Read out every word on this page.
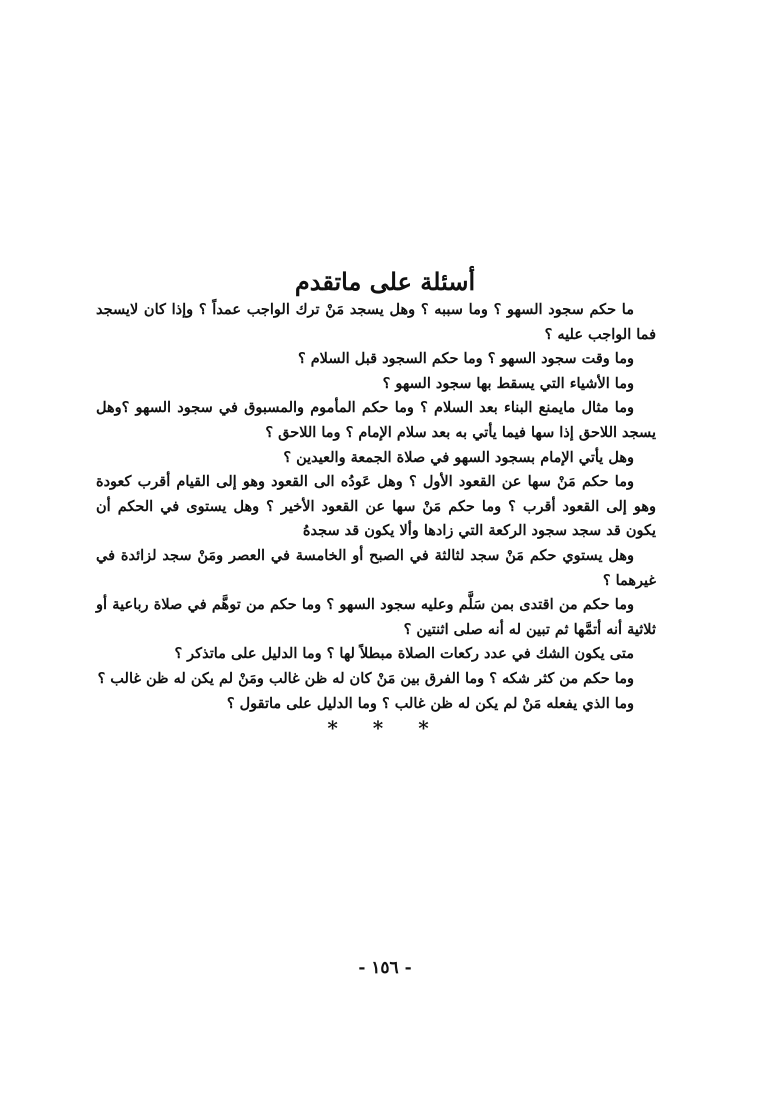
أسئلة على ماتقدم

ما حكم سجود السهو ؟ وما سببه ؟ وهل يسجد مَنْ ترك الواجب عمداً ؟ وإذا كان لايسجد فما الواجب عليه ؟

وما وقت سجود السهو ؟ وما حكم السجود قبل السلام ؟

وما الأشياء التي يسقط بها سجود السهو ؟

وما مثال مايمنع البناء بعد السلام ؟ وما حكم المأموم والمسبوق في سجود السهو ؟وهل يسجد اللاحق إذا سها فيما يأتي به بعد سلام الإمام ؟ وما اللاحق ؟

وهل يأتي الإمام بسجود السهو في صلاة الجمعة والعيدين ؟

وما حكم مَنْ سها عن القعود الأول ؟ وهل عَودُه الى القعود وهو إلى القيام أقرب كعودة وهو إلى القعود أقرب ؟ وما حكم مَنْ سها عن القعود الأخير ؟ وهل يستوى في الحكم أن يكون قد سجد سجود الركعة التي زادها وألا يكون قد سجدهُ

وهل يستوي حكم مَنْ سجد لثالثة في الصبح أو الخامسة في العصر ومَنْ سجد لزائدة في غيرهما ؟

وما حكم من اقتدى بمن سَلَّم وعليه سجود السهو ؟ وما حكم من توهَّم في صلاة رباعية أو ثلاثية أنه أتمَّها ثم تبين له أنه صلى اثنتين ؟

متى يكون الشك في عدد ركعات الصلاة مبطلاً لها ؟ وما الدليل على ماتذكر ؟

وما حكم من كثر شكه ؟ وما الفرق بين مَنْ كان له ظن غالب ومَنْ لم يكن له ظن غالب ؟

وما الذي يفعله مَنْ لم يكن له ظن غالب ؟ وما الدليل على ماتقول ؟

* * *
- ١٥٦ -
